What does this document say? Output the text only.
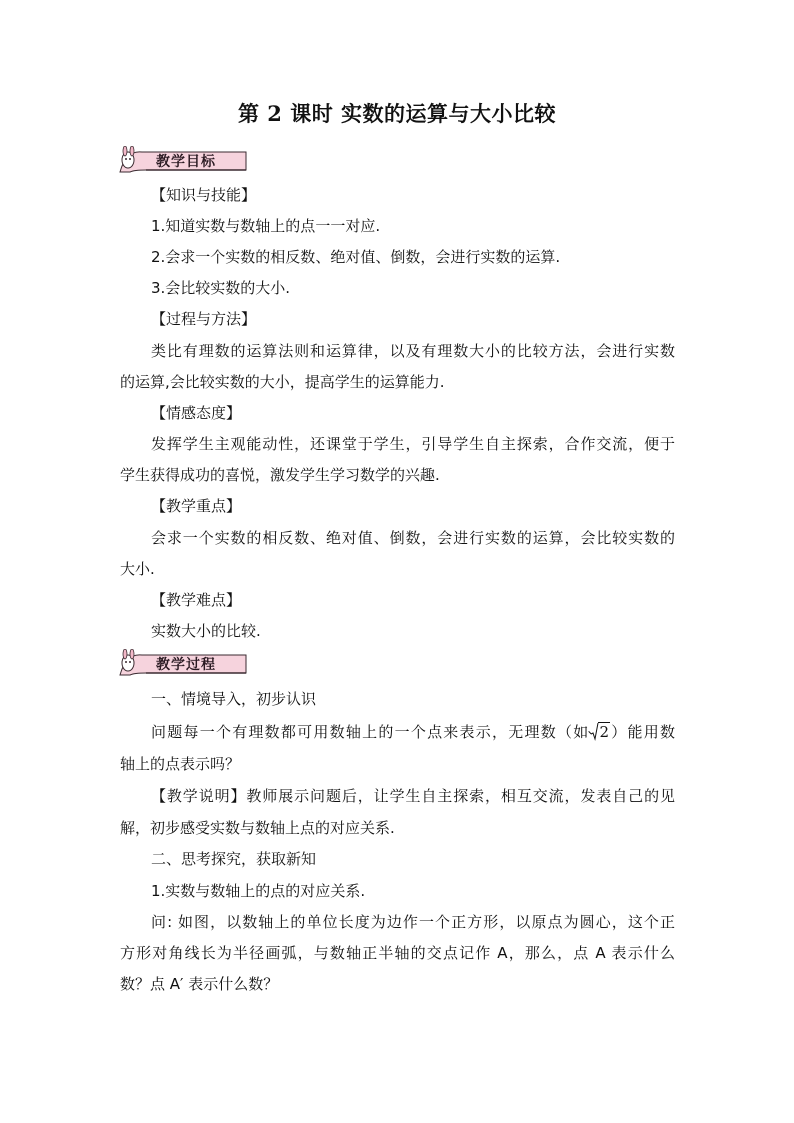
第 2 课时 实数的运算与大小比较
教学目标
【知识与技能】
1.知道实数与数轴上的点一一对应.
2.会求一个实数的相反数、绝对值、倒数，会进行实数的运算.
3.会比较实数的大小.
【过程与方法】
类比有理数的运算法则和运算律，以及有理数大小的比较方法，会进行实数
的运算,会比较实数的大小，提高学生的运算能力.
【情感态度】
发挥学生主观能动性，还课堂于学生，引导学生自主探索，合作交流，便于
学生获得成功的喜悦，激发学生学习数学的兴趣.
【教学重点】
会求一个实数的相反数、绝对值、倒数，会进行实数的运算，会比较实数的
大小.
【教学难点】
实数大小的比较.
教学过程
一、情境导入，初步认识
问题每一个有理数都可用数轴上的一个点来表示，无理数（如 2）能用数
轴上的点表示吗？
【教学说明】教师展示问题后，让学生自主探索，相互交流，发表自己的见
解，初步感受实数与数轴上点的对应关系.
二、思考探究，获取新知
1.实数与数轴上的点的对应关系.
问: 如图，以数轴上的单位长度为边作一个正方形，以原点为圆心，这个正
方形对角线长为半径画弧，与数轴正半轴的交点记作 A，那么，点 A 表示什么
数？点 A′ 表示什么数？
